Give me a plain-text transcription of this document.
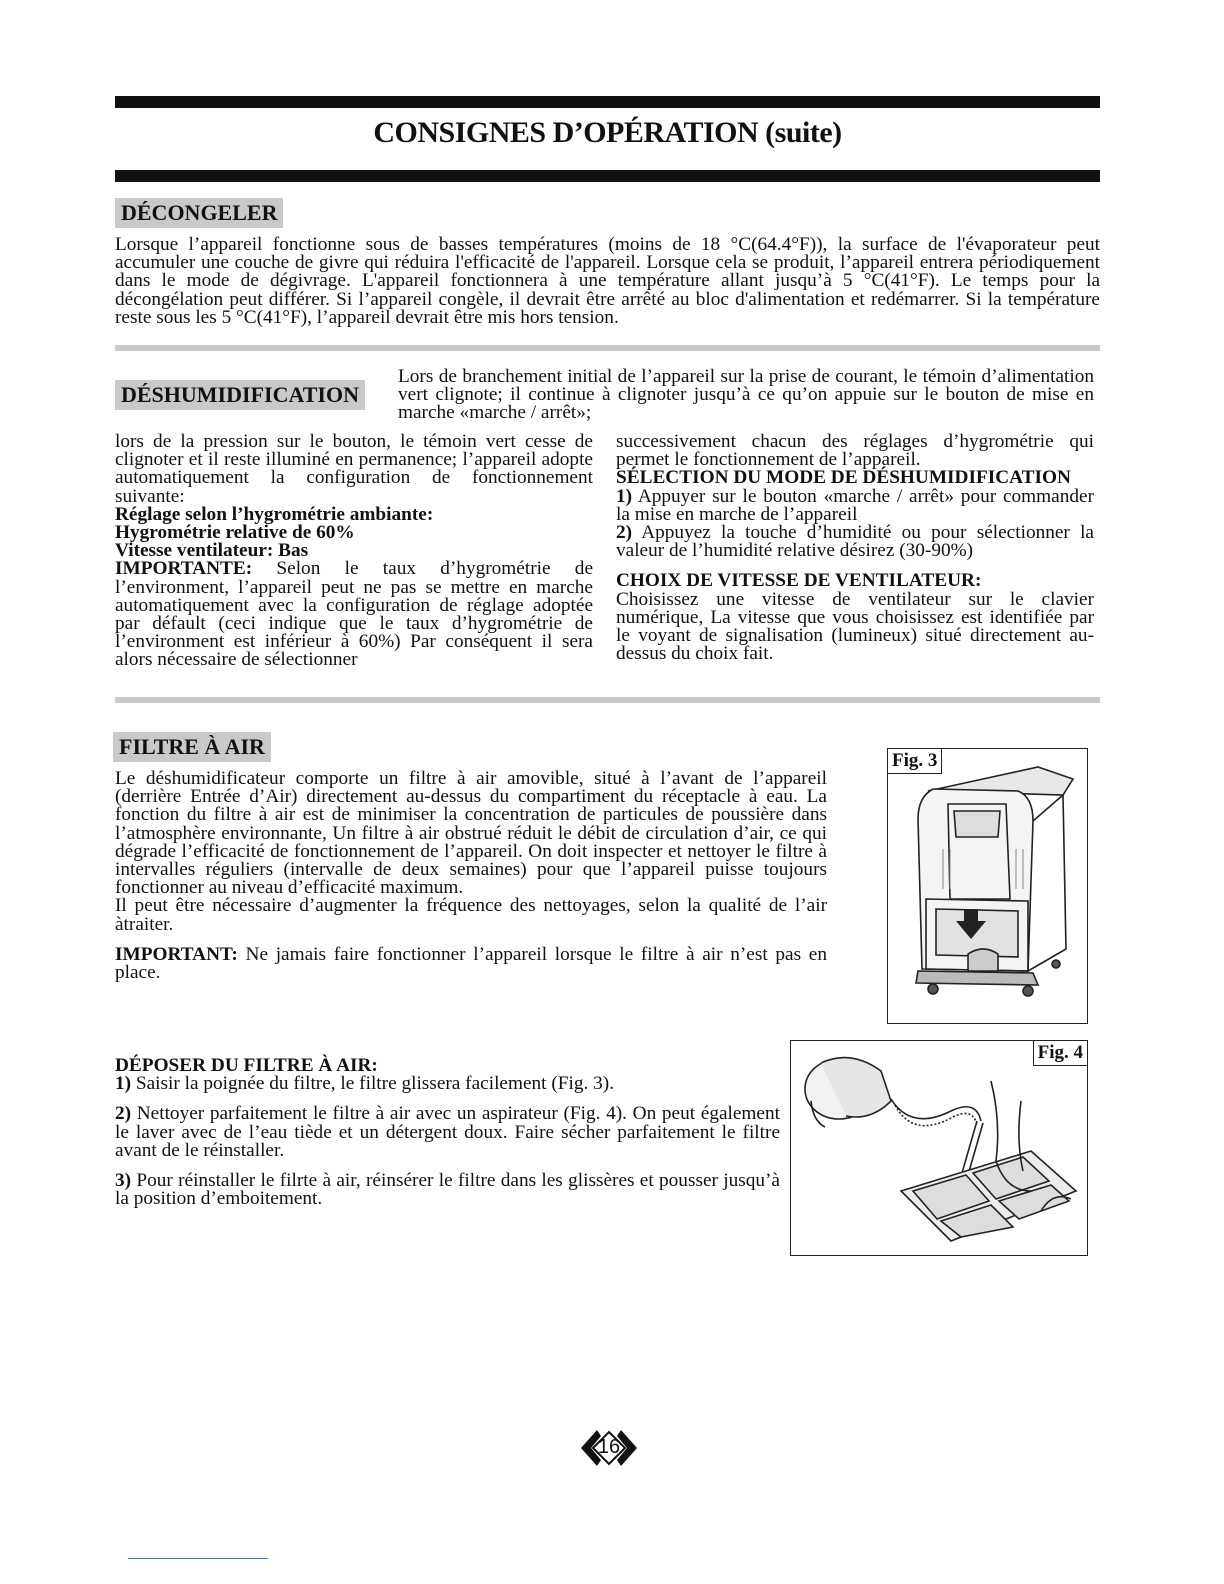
CONSIGNES D’OPÉRATION (suite)
DÉCONGELER

Lorsque l’appareil fonctionne sous de basses températures (moins de 18 °C(64.4°F)), la surface de l'évaporateur peut accumuler une couche de givre qui réduira l'efficacité de l'appareil. Lorsque cela se produit, l’appareil entrera périodiquement dans le mode de dégivrage. L'appareil fonctionnera à une température allant jusqu’à 5 °C(41°F). Le temps pour la décongélation peut différer. Si l’appareil congèle, il devrait être arrêté au bloc d'alimentation et redémarrer. Si la température reste sous les 5 °C(41°F), l’appareil devrait être mis hors tension.

DÉSHUMIDIFICATION

Lors de branchement initial de l’appareil sur la prise de courant, le témoin d’alimentation vert clignote; il continue à clignoter jusqu’à ce qu’on appuie sur le bouton de mise en marche «marche / arrêt»;

lors de la pression sur le bouton, le témoin vert cesse de clignoter et il reste illuminé en permanence; l’appareil adopte automatiquement la configuration de fonctionnement suivante:

Réglage selon l’hygrométrie ambiante:

Hygrométrie relative de 60%

Vitesse ventilateur: Bas

IMPORTANTE: Selon le taux d’hygrométrie de l’environment, l’appareil peut ne pas se mettre en marche automatiquement avec la configuration de réglage adoptée par défault (ceci indique que le taux d’hygrométrie de l’environment est inférieur à 60%) Par conséquent il sera alors nécessaire de sélectionner

successivement chacun des réglages d’hygrométrie qui permet le fonctionnement de l’appareil.

SÉLECTION DU MODE DE DÉSHUMIDIFICATION

1) Appuyer sur le bouton «marche / arrêt» pour commander la mise en marche de l’appareil

2) Appuyez la touche d’humidité ou pour sélectionner la valeur de l’humidité relative désirez (30-90%)

CHOIX DE VITESSE DE VENTILATEUR:

Choisissez une vitesse de ventilateur sur le clavier numérique, La vitesse que vous choisissez est identifiée par le voyant de signalisation (lumineux) situé directement au-dessus du choix fait.

FILTRE À AIR

Le déshumidificateur comporte un filtre à air amovible, situé à l’avant de l’appareil (derrière Entrée d’Air) directement au-dessus du compartiment du réceptacle à eau. La fonction du filtre à air est de minimiser la concentration de particules de poussière dans l’atmosphère environnante, Un filtre à air obstrué réduit le débit de circulation d’air, ce qui dégrade l’efficacité de fonctionnement de l’appareil. On doit inspecter et nettoyer le filtre à intervalles réguliers (intervalle de deux semaines) pour que l’appareil puisse toujours fonctionner au niveau d’efficacité maximum.

Il peut être nécessaire d’augmenter la fréquence des nettoyages, selon la qualité de l’air àtraiter.

IMPORTANT: Ne jamais faire fonctionner l’appareil lorsque le filtre à air n’est pas en place.

DÉPOSER DU FILTRE À AIR:

1) Saisir la poignée du filtre, le filtre glissera facilement (Fig. 3).

2) Nettoyer parfaitement le filtre à air avec un aspirateur (Fig. 4). On peut également le laver avec de l’eau tiède et un détergent doux. Faire sécher parfaitement le filtre avant de le réinstaller.

3) Pour réinstaller le filrte à air, réinsérer le filtre dans les glissères et pousser jusqu’à la position d’emboitement.

Fig. 3
Fig. 4
16
